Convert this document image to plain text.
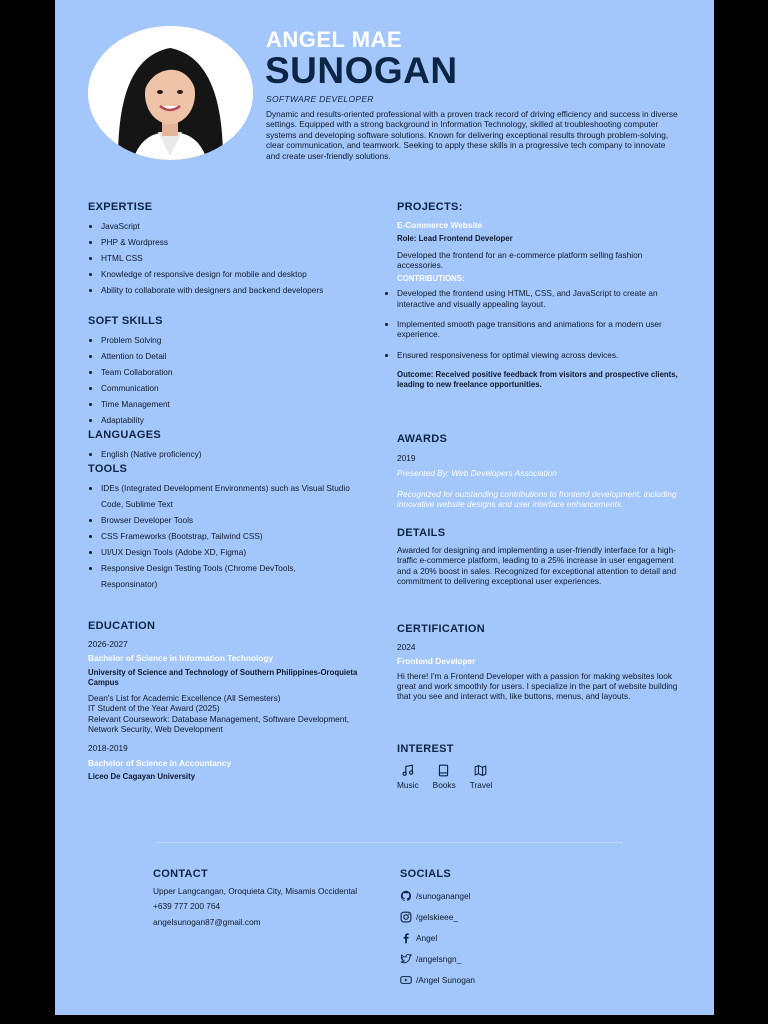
ANGEL MAE
SUNOGAN
SOFTWARE DEVELOPER
Dynamic and results-oriented professional with a proven track record of driving efficiency and success in diverse settings. Equipped with a strong background in Information Technology, skilled at troubleshooting computer systems and developing software solutions. Known for delivering exceptional results through problem-solving, clear communication, and teamwork. Seeking to apply these skills in a progressive tech company to innovate and create user-friendly solutions.
EXPERTISE
• JavaScript
• PHP & Wordpress
• HTML CSS
• Knowledge of responsive design for mobile and desktop
• Ability to collaborate with designers and backend developers
SOFT SKILLS
• Problem Solving
• Attention to Detail
• Team Collaboration
• Communication
• Time Management
• Adaptability
LANGUAGES
• English (Native proficiency)
TOOLS
• IDEs (Integrated Development Environments) such as Visual Studio Code, Sublime Text
• Browser Developer Tools
• CSS Frameworks (Bootstrap, Tailwind CSS)
• UI/UX Design Tools (Adobe XD, Figma)
• Responsive Design Testing Tools (Chrome DevTools, Responsinator)
EDUCATION
2026-2027
Bachelor of Science in Information Technology
University of Science and Technology of Southern Philippines-Oroquieta Campus
Dean's List for Academic Excellence (All Semesters)
IT Student of the Year Award (2025)
Relevant Coursework: Database Management, Software Development, Network Security, Web Development
2018-2019
Bachelor of Science in Accountancy
Liceo De Cagayan University
PROJECTS:
E-Commerce Website
Role: Lead Frontend Developer
Developed the frontend for an e-commerce platform selling fashion accessories.
CONTRIBUTIONS:
• Developed the frontend using HTML, CSS, and JavaScript to create an interactive and visually appealing layout.
• Implemented smooth page transitions and animations for a modern user experience.
• Ensured responsiveness for optimal viewing across devices.
Outcome: Received positive feedback from visitors and prospective clients, leading to new freelance opportunities.
AWARDS
2019
Presented By: Web Developers Association
Recognized for outstanding contributions to frontend development, including innovative website designs and user interface enhancements.
DETAILS
Awarded for designing and implementing a user-friendly interface for a high-traffic e-commerce platform, leading to a 25% increase in user engagement and a 20% boost in sales. Recognized for exceptional attention to detail and commitment to delivering exceptional user experiences.
CERTIFICATION
2024
Frontend Developer
Hi there! I'm a Frontend Developer with a passion for making websites look great and work smoothly for users. I specialize in the part of website building that you see and interact with, like buttons, menus, and layouts.
INTEREST
Music Books Travel
CONTACT
Upper Langcangan, Oroquieta City, Misamis Occidental
+639 777 200 764
angelsunogan87@gmail.com
SOCIALS
/sunoganangel
/gelskieee_
Angel
/angelsngn_
/Angel Sunogan
